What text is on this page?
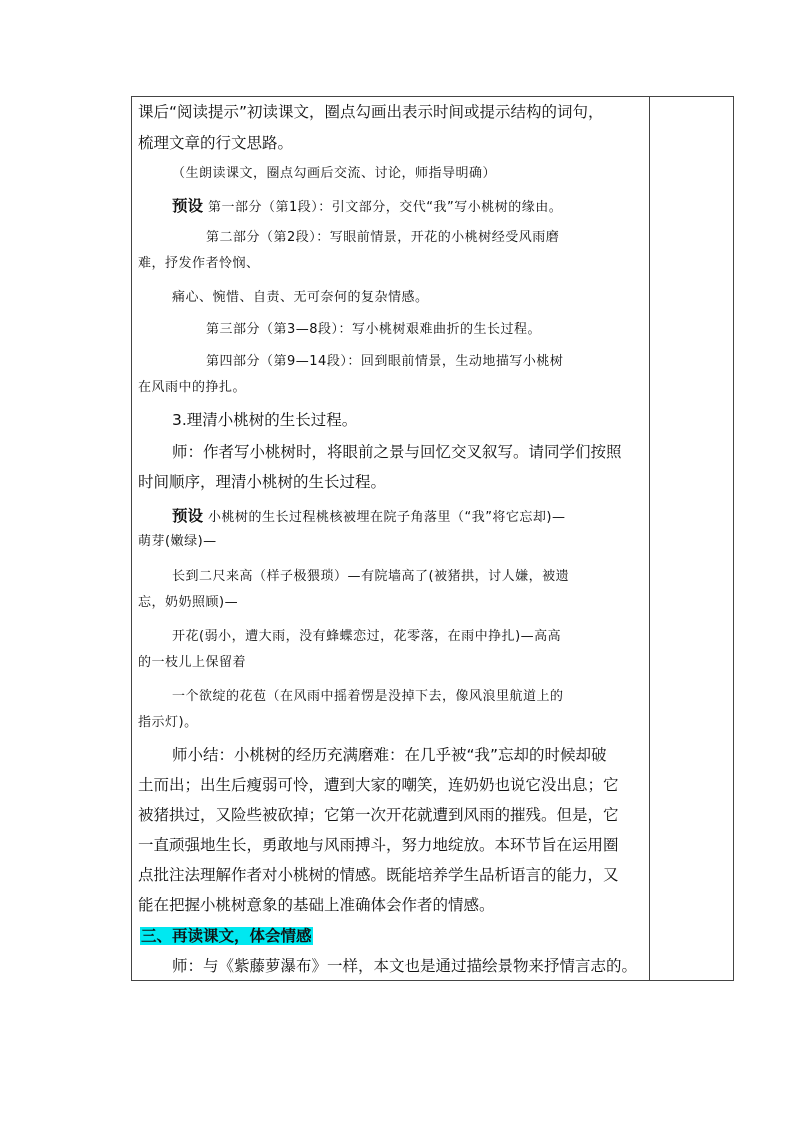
课后“阅读提示”初读课文，圈点勾画出表示时间或提示结构的词句，
梳理文章的行文思路。
（生朗读课文，圈点勾画后交流、讨论，师指导明确）
预设 第一部分（第1段）：引文部分，交代“我”写小桃树的缘由。
第二部分（第2段）：写眼前情景，开花的小桃树经受风雨磨
难，抒发作者怜悯、
痛心、惋惜、自责、无可奈何的复杂情感。
第三部分（第3—8段）：写小桃树艰难曲折的生长过程。
第四部分（第9—14段）：回到眼前情景，生动地描写小桃树
在风雨中的挣扎。
3.理清小桃树的生长过程。
师：作者写小桃树时，将眼前之景与回忆交叉叙写。请同学们按照
时间顺序，理清小桃树的生长过程。
预设 小桃树的生长过程桃核被埋在院子角落里（“我”将它忘却)—
萌芽(嫩绿)—
长到二尺来高（样子极猥琐）—有院墙高了(被猪拱，讨人嫌，被遗
忘，奶奶照顾)—
开花(弱小，遭大雨，没有蜂蝶恋过，花零落，在雨中挣扎)—高高
的一枝儿上保留着
一个欲绽的花苞（在风雨中摇着愣是没掉下去，像风浪里航道上的
指示灯)。
师小结：小桃树的经历充满磨难：在几乎被“我”忘却的时候却破
土而出；出生后瘦弱可怜，遭到大家的嘲笑，连奶奶也说它没出息；它
被猪拱过，又险些被砍掉；它第一次开花就遭到风雨的摧残。但是，它
一直顽强地生长，勇敢地与风雨搏斗，努力地绽放。本环节旨在运用圈
点批注法理解作者对小桃树的情感。既能培养学生品析语言的能力，又
能在把握小桃树意象的基础上准确体会作者的情感。
三、再读课文，体会情感
师：与《紫藤萝瀑布》一样，本文也是通过描绘景物来抒情言志的。
